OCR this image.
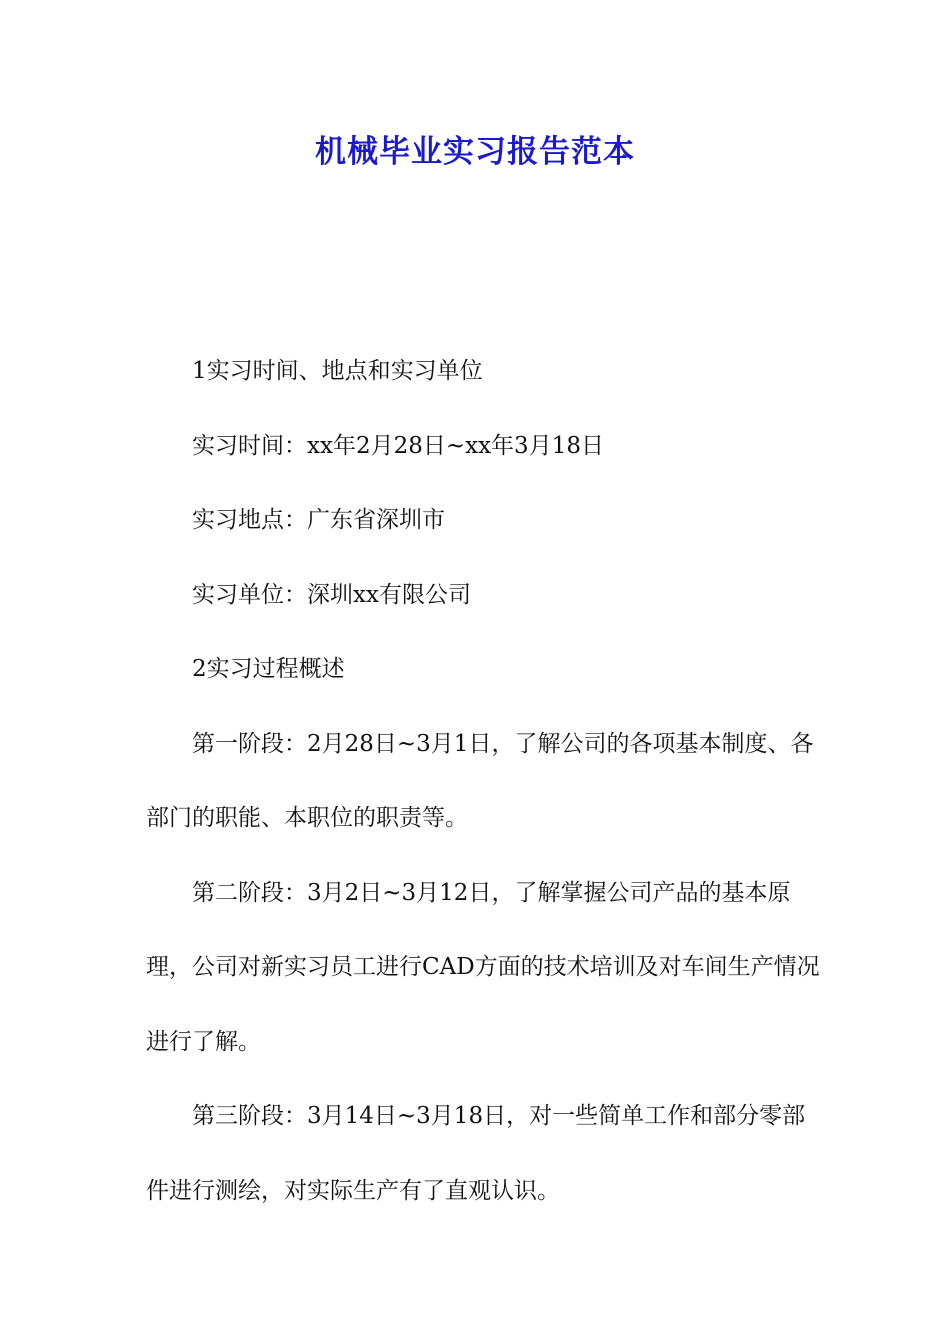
机械毕业实习报告范本

1实习时间、地点和实习单位

实习时间：xx年2月28日~xx年3月18日

实习地点：广东省深圳市

实习单位：深圳xx有限公司

2实习过程概述

第一阶段：2月28日~3月1日，了解公司的各项基本制度、各部门的职能、本职位的职责等。

第二阶段：3月2日~3月12日，了解掌握公司产品的基本原理，公司对新实习员工进行CAD方面的技术培训及对车间生产情况进行了解。

第三阶段：3月14日~3月18日，对一些简单工作和部分零部件进行测绘，对实际生产有了直观认识。
